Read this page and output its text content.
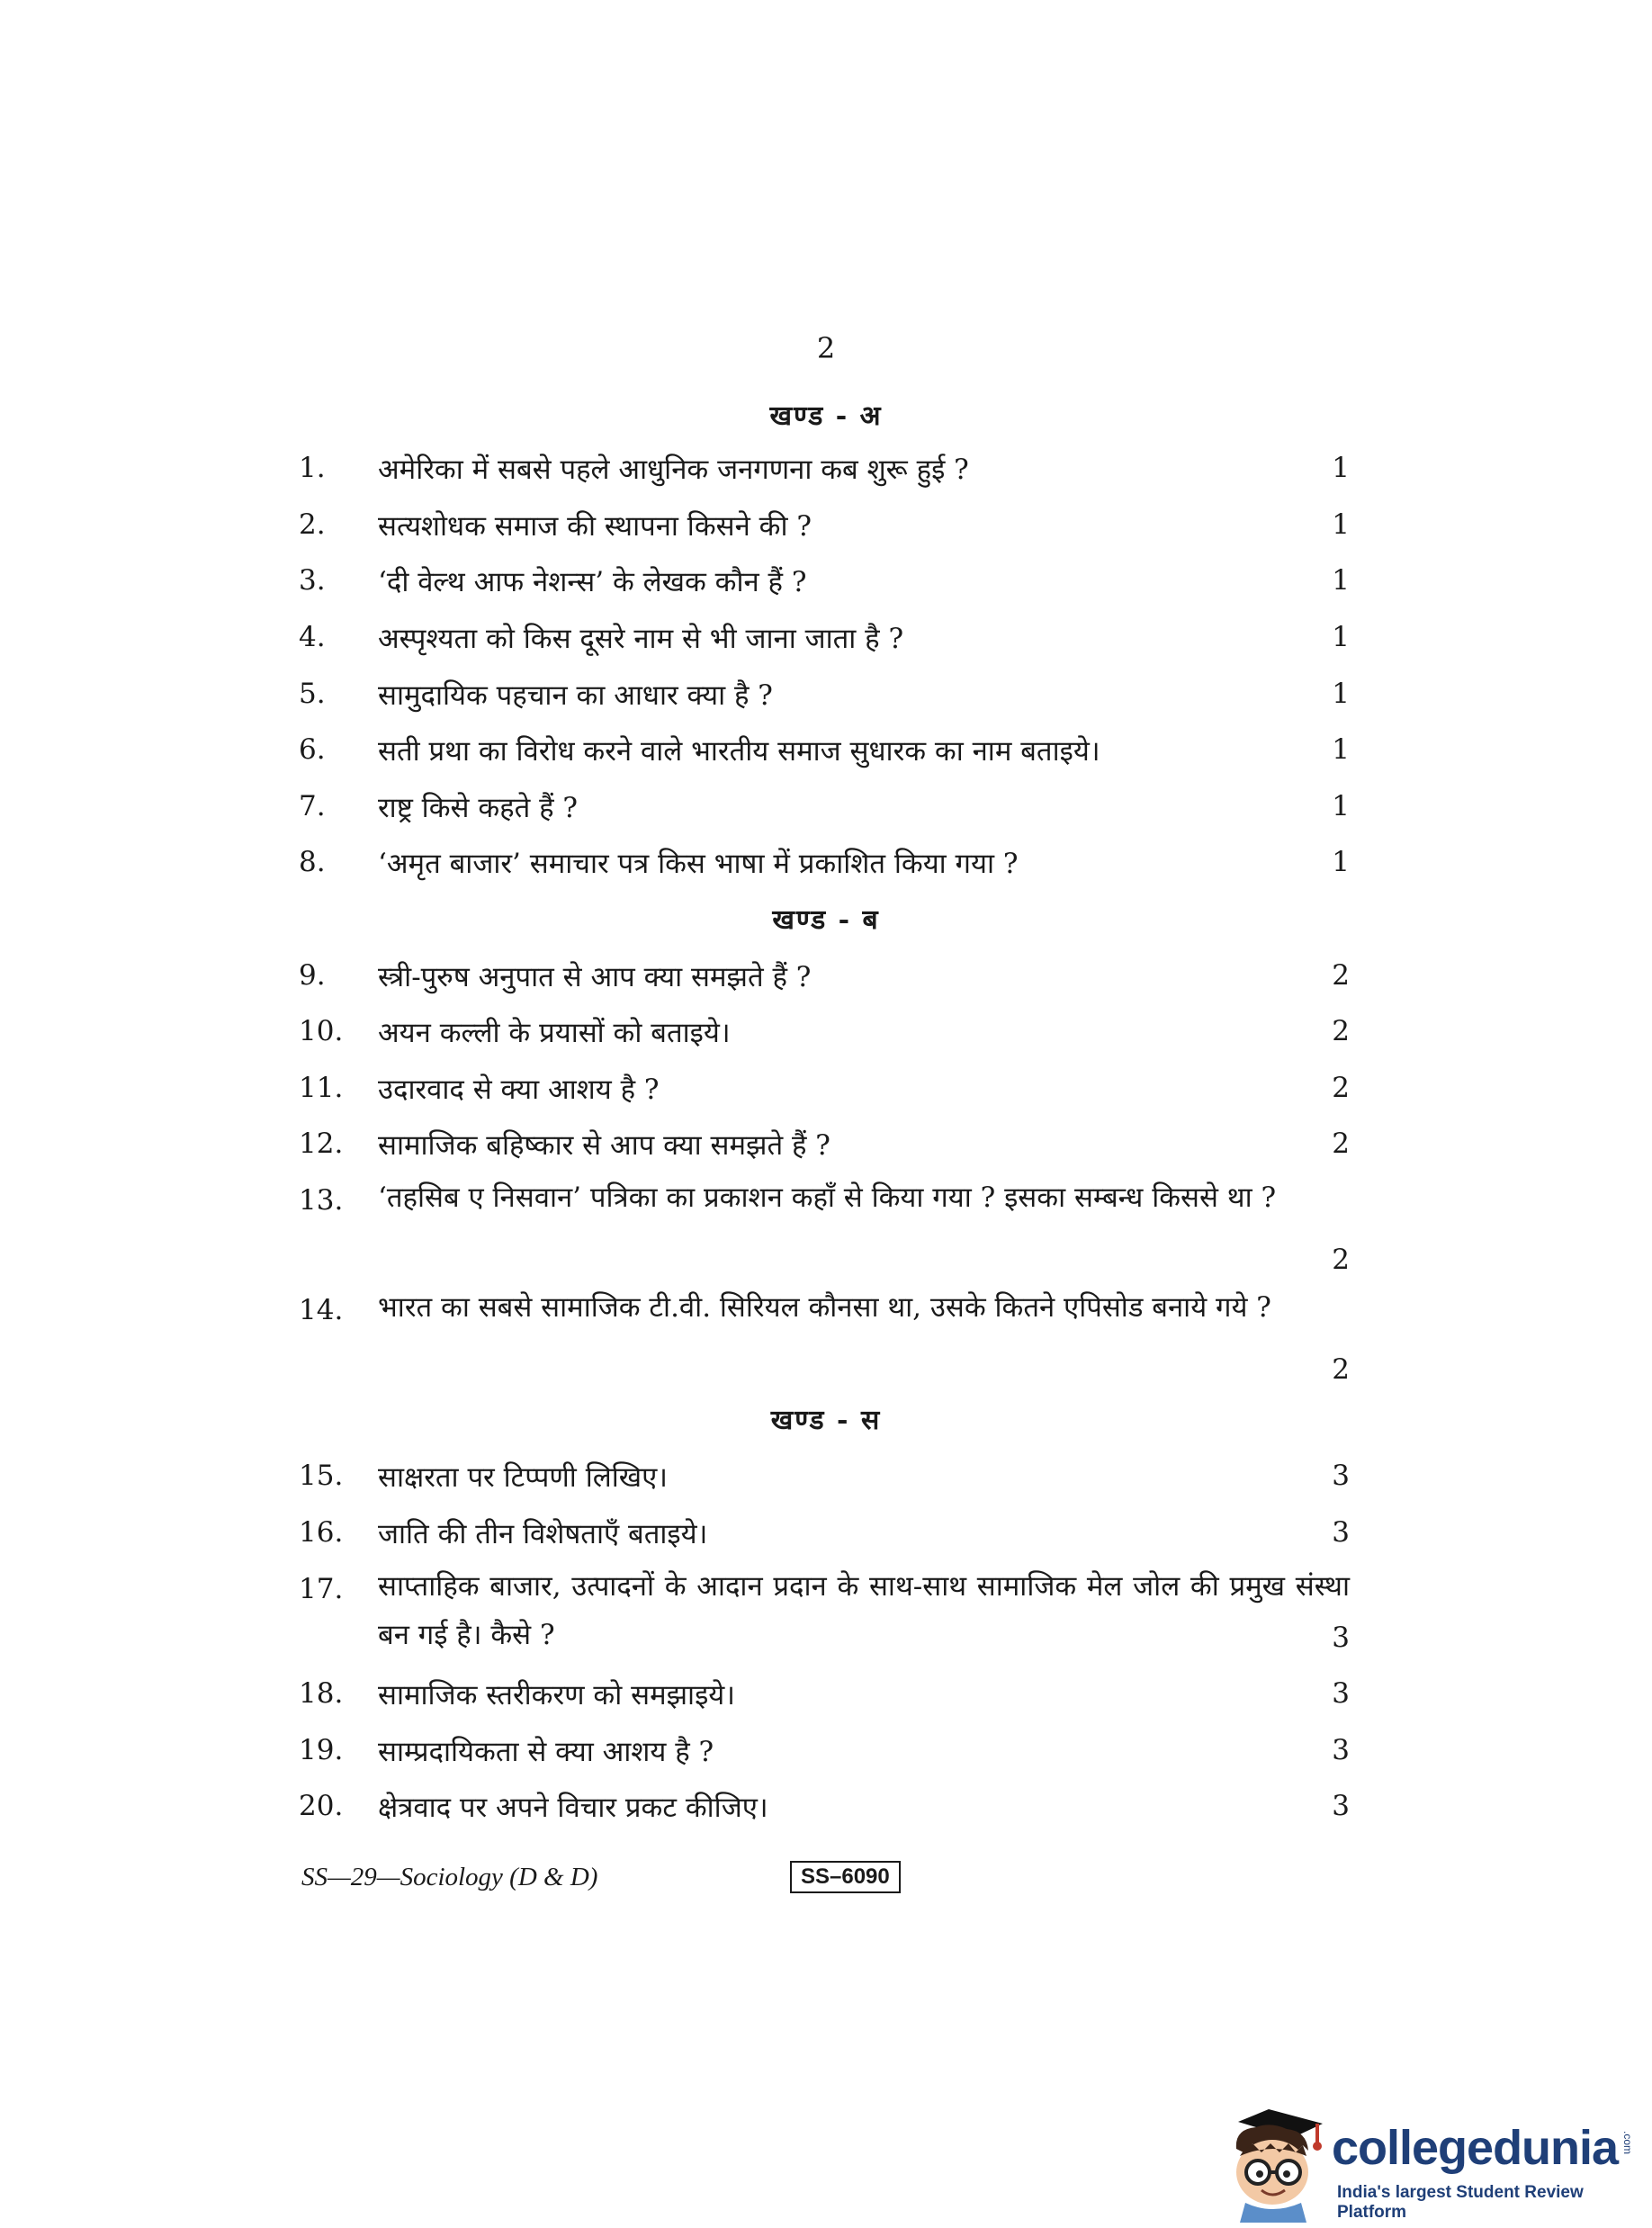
2
खण्ड - अ
1. अमेरिका में सबसे पहले आधुनिक जनगणना कब शुरू हुई ?	1
2. सत्यशोधक समाज की स्थापना किसने की ?	1
3. ‘दी वेल्थ आफ नेशन्स’ के लेखक कौन हैं ?	1
4. अस्पृश्यता को किस दूसरे नाम से भी जाना जाता है ?	1
5. सामुदायिक पहचान का आधार क्या है ?	1
6. सती प्रथा का विरोध करने वाले भारतीय समाज सुधारक का नाम बताइये।	1
7. राष्ट्र किसे कहते हैं ?	1
8. ‘अमृत बाजार’ समाचार पत्र किस भाषा में प्रकाशित किया गया ?	1
खण्ड - ब
9. स्त्री-पुरुष अनुपात से आप क्या समझते हैं ?	2
10. अयन कल्ली के प्रयासों को बताइये।	2
11. उदारवाद से क्या आशय है ?	2
12. सामाजिक बहिष्कार से आप क्या समझते हैं ?	2
13. ‘तहसिब ए निसवान’ पत्रिका का प्रकाशन कहाँ से किया गया ? इसका सम्बन्ध किससे था ?
2
14. भारत का सबसे सामाजिक टी.वी. सिरियल कौनसा था, उसके कितने एपिसोड बनाये गये ?
2
खण्ड - स
15. साक्षरता पर टिप्पणी लिखिए।	3
16. जाति की तीन विशेषताएँ बताइये।	3
17. साप्ताहिक बाजार, उत्पादनों के आदान प्रदान के साथ-साथ सामाजिक मेल जोल की प्रमुख संस्था बन गई है। कैसे ?	3
18. सामाजिक स्तरीकरण को समझाइये।	3
19. साम्प्रदायिकता से क्या आशय है ?	3
20. क्षेत्रवाद पर अपने विचार प्रकट कीजिए।	3
SS—29—Sociology (D & D)	SS–6090
collegedunia .com
India's largest Student Review Platform
